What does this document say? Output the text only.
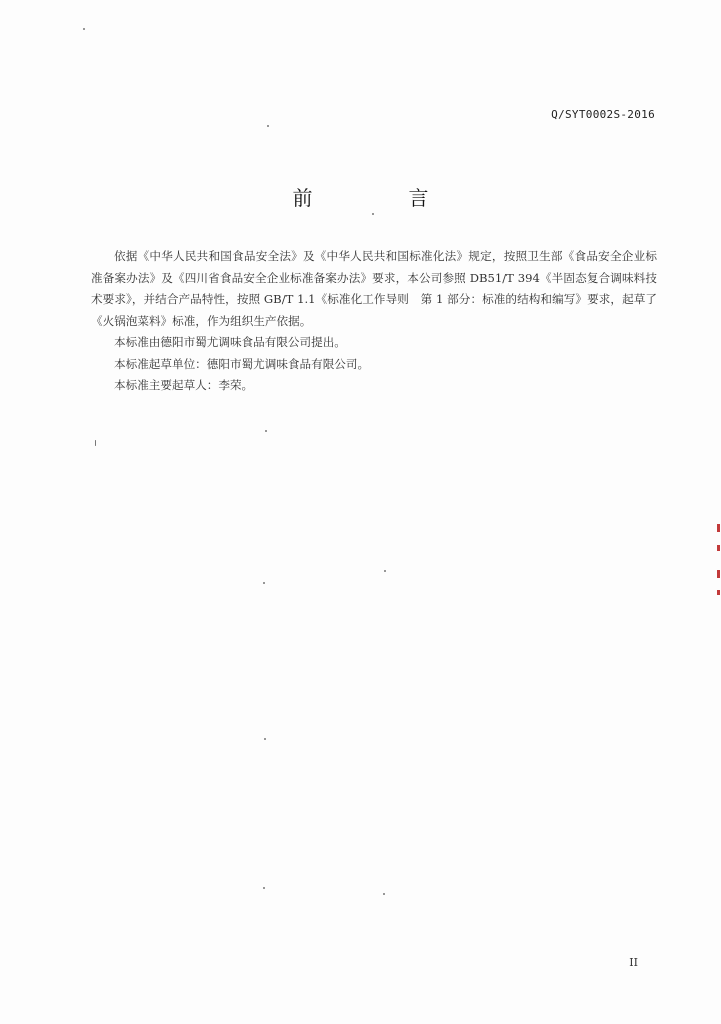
Q/SYT0002S-2016
前　言

依据《中华人民共和国食品安全法》及《中华人民共和国标准化法》规定，按照卫生部《食品安全企业标准备案办法》及《四川省食品安全企业标准备案办法》要求，本公司参照 DB51/T 394《半固态复合调味料技术要求》，并结合产品特性，按照 GB/T 1.1《标准化工作导则　第 1 部分：标准的结构和编写》要求，起草了《火锅泡菜料》标准，作为组织生产依据。

本标准由德阳市蜀尤调味食品有限公司提出。

本标准起草单位：德阳市蜀尤调味食品有限公司。

本标准主要起草人：李荣。

II
